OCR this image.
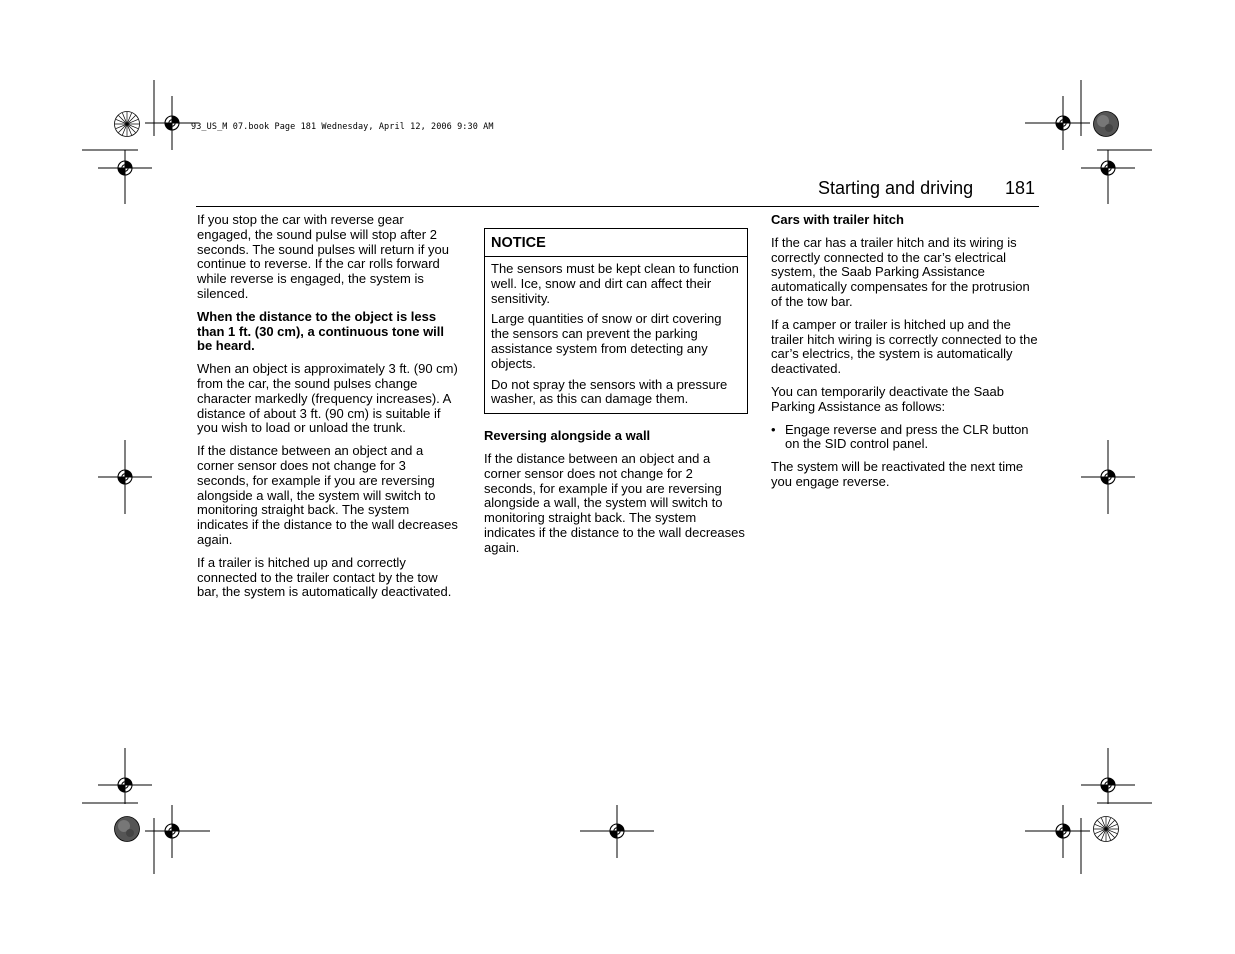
93_US_M 07.book Page 181 Wednesday, April 12, 2006 9:30 AM
Starting and driving 181

If you stop the car with reverse gear engaged, the sound pulse will stop after 2 seconds. The sound pulses will return if you continue to reverse. If the car rolls forward while reverse is engaged, the system is silenced.

When the distance to the object is less than 1 ft. (30 cm), a continuous tone will be heard.

When an object is approximately 3 ft. (90 cm) from the car, the sound pulses change character markedly (frequency increases). A distance of about 3 ft. (90 cm) is suitable if you wish to load or unload the trunk.

If the distance between an object and a corner sensor does not change for 3 seconds, for example if you are reversing alongside a wall, the system will switch to monitoring straight back. The system indicates if the distance to the wall decreases again.

If a trailer is hitched up and correctly connected to the trailer contact by the tow bar, the system is automatically deactivated.

NOTICE

The sensors must be kept clean to function well. Ice, snow and dirt can affect their sensitivity.

Large quantities of snow or dirt covering the sensors can prevent the parking assistance system from detecting any objects.

Do not spray the sensors with a pressure washer, as this can damage them.

Reversing alongside a wall

If the distance between an object and a corner sensor does not change for 2 seconds, for example if you are reversing alongside a wall, the system will switch to monitoring straight back. The system indicates if the distance to the wall decreases again.

Cars with trailer hitch

If the car has a trailer hitch and its wiring is correctly connected to the car’s electrical system, the Saab Parking Assistance automatically compensates for the protrusion of the tow bar.

If a camper or trailer is hitched up and the trailer hitch wiring is correctly connected to the car’s electrics, the system is automatically deactivated.

You can temporarily deactivate the Saab Parking Assistance as follows:

• Engage reverse and press the CLR button on the SID control panel.

The system will be reactivated the next time you engage reverse.
